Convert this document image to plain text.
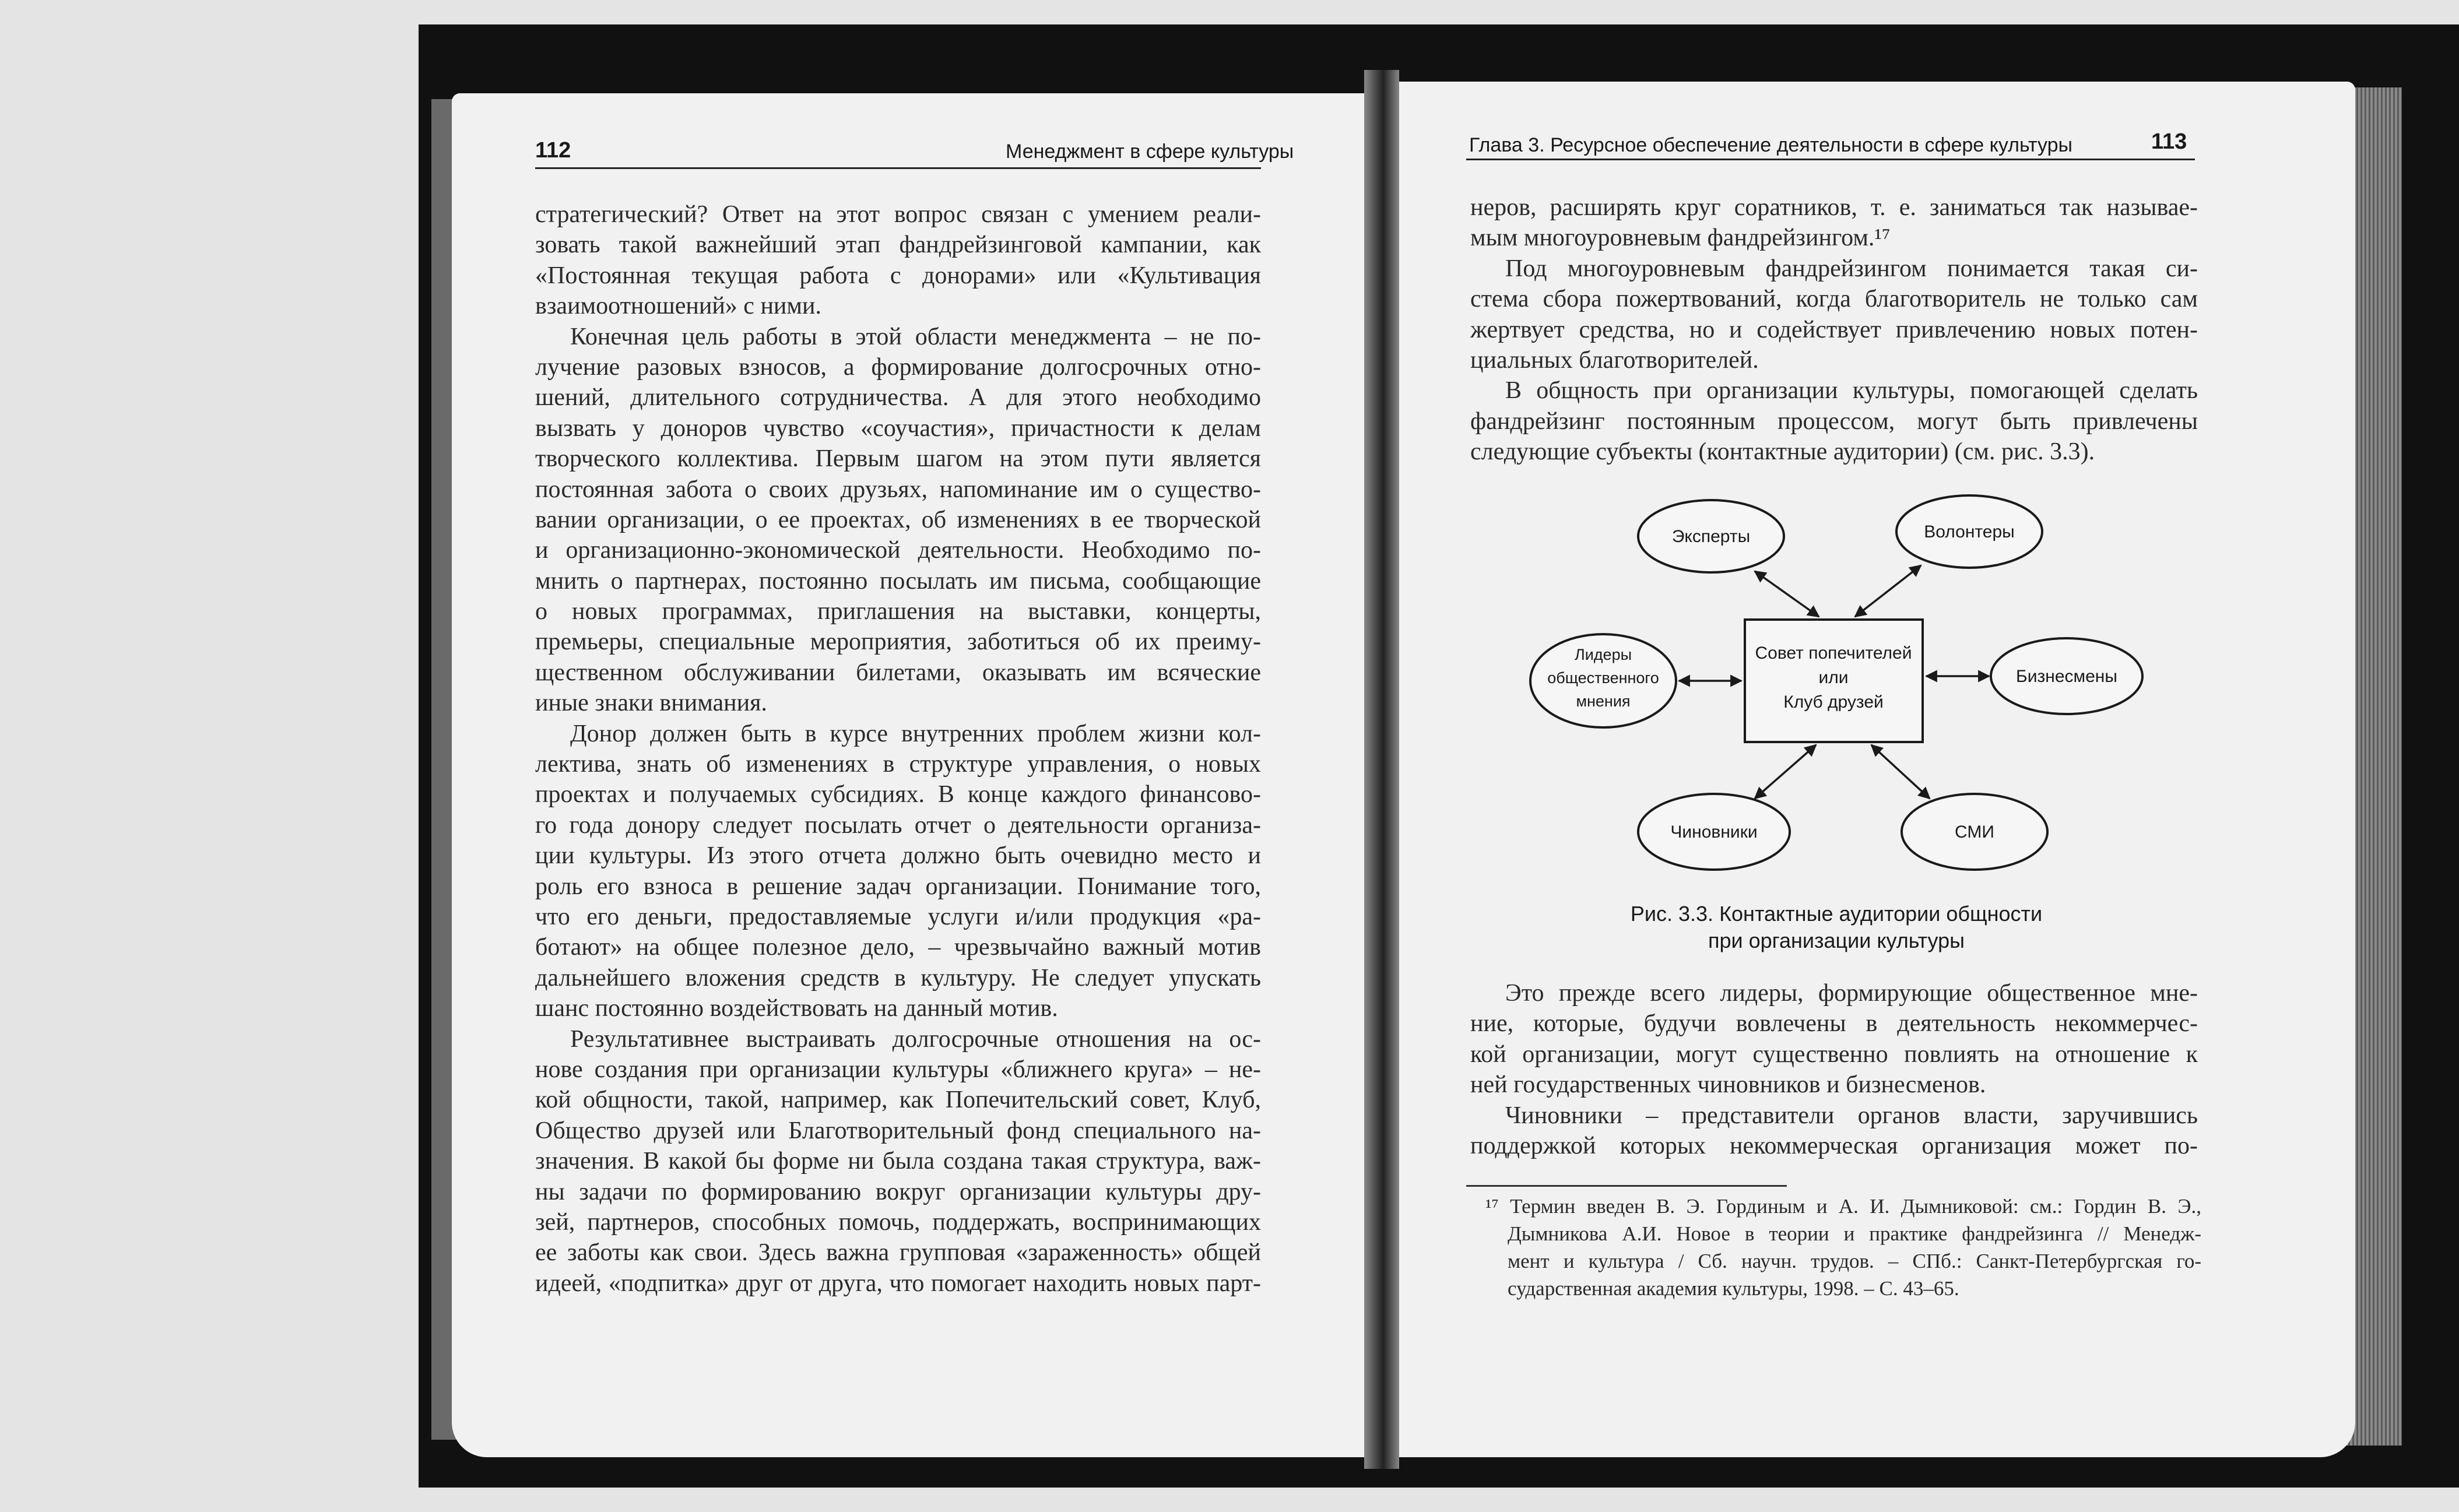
112	Менеджмент в сфере культуры	Глава 3. Ресурсное обеспечение деятельности в сфере культуры	113
стратегический? Ответ на этот вопрос связан с умением реали-
зовать такой важнейший этап фандрейзинговой кампании, как
«Постоянная текущая работа с донорами» или «Культивация
взаимоотношений» с ними.
Конечная цель работы в этой области менеджмента – не по-
лучение разовых взносов, а формирование долгосрочных отно-
шений, длительного сотрудничества. А для этого необходимо
вызвать у доноров чувство «соучастия», причастности к делам
творческого коллектива. Первым шагом на этом пути является
постоянная забота о своих друзьях, напоминание им о существо-
вании организации, о ее проектах, об изменениях в ее творческой
и организационно-экономической деятельности. Необходимо по-
мнить о партнерах, постоянно посылать им письма, сообщающие
о новых программах, приглашения на выставки, концерты,
премьеры, специальные мероприятия, заботиться об их преиму-
щественном обслуживании билетами, оказывать им всяческие
иные знаки внимания.
Донор должен быть в курсе внутренних проблем жизни кол-
лектива, знать об изменениях в структуре управления, о новых
проектах и получаемых субсидиях. В конце каждого финансово-
го года донору следует посылать отчет о деятельности организа-
ции культуры. Из этого отчета должно быть очевидно место и
роль его взноса в решение задач организации. Понимание того,
что его деньги, предоставляемые услуги и/или продукция «ра-
ботают» на общее полезное дело, – чрезвычайно важный мотив
дальнейшего вложения средств в культуру. Не следует упускать
шанс постоянно воздействовать на данный мотив.
Результативнее выстраивать долгосрочные отношения на ос-
нове создания при организации культуры «ближнего круга» – не-
кой общности, такой, например, как Попечительский совет, Клуб,
Общество друзей или Благотворительный фонд специального на-
значения. В какой бы форме ни была создана такая структура, важ-
ны задачи по формированию вокруг организации культуры дру-
зей, партнеров, способных помочь, поддержать, воспринимающих
ее заботы как свои. Здесь важна групповая «зараженность» общей
идеей, «подпитка» друг от друга, что помогает находить новых парт-
неров, расширять круг соратников, т. е. заниматься так называе-
мым многоуровневым фандрейзингом.¹⁷
Под многоуровневым фандрейзингом понимается такая си-
стема сбора пожертвований, когда благотворитель не только сам
жертвует средства, но и содействует привлечению новых потен-
циальных благотворителей.
В общность при организации культуры, помогающей сделать
фандрейзинг постоянным процессом, могут быть привлечены
следующие субъекты (контактные аудитории) (см. рис. 3.3).
Совет попечителей
или
Клуб друзей
Эксперты	Волонтеры
Лидеры
общественного
мнения
Бизнесмены
Чиновники	СМИ
Рис. 3.3. Контактные аудитории общности
при организации культуры
Это прежде всего лидеры, формирующие общественное мне-
ние, которые, будучи вовлечены в деятельность некоммерчес-
кой организации, могут существенно повлиять на отношение к
ней государственных чиновников и бизнесменов.
Чиновники – представители органов власти, заручившись
поддержкой которых некоммерческая организация может по-
¹⁷ Термин введен В. Э. Гординым и А. И. Дымниковой: см.: Гордин В. Э.,
Дымникова А.И. Новое в теории и практике фандрейзинга // Менедж-
мент и культура / Сб. научн. трудов. – СПб.: Санкт-Петербургская го-
сударственная академия культуры, 1998. – С. 43–65.
